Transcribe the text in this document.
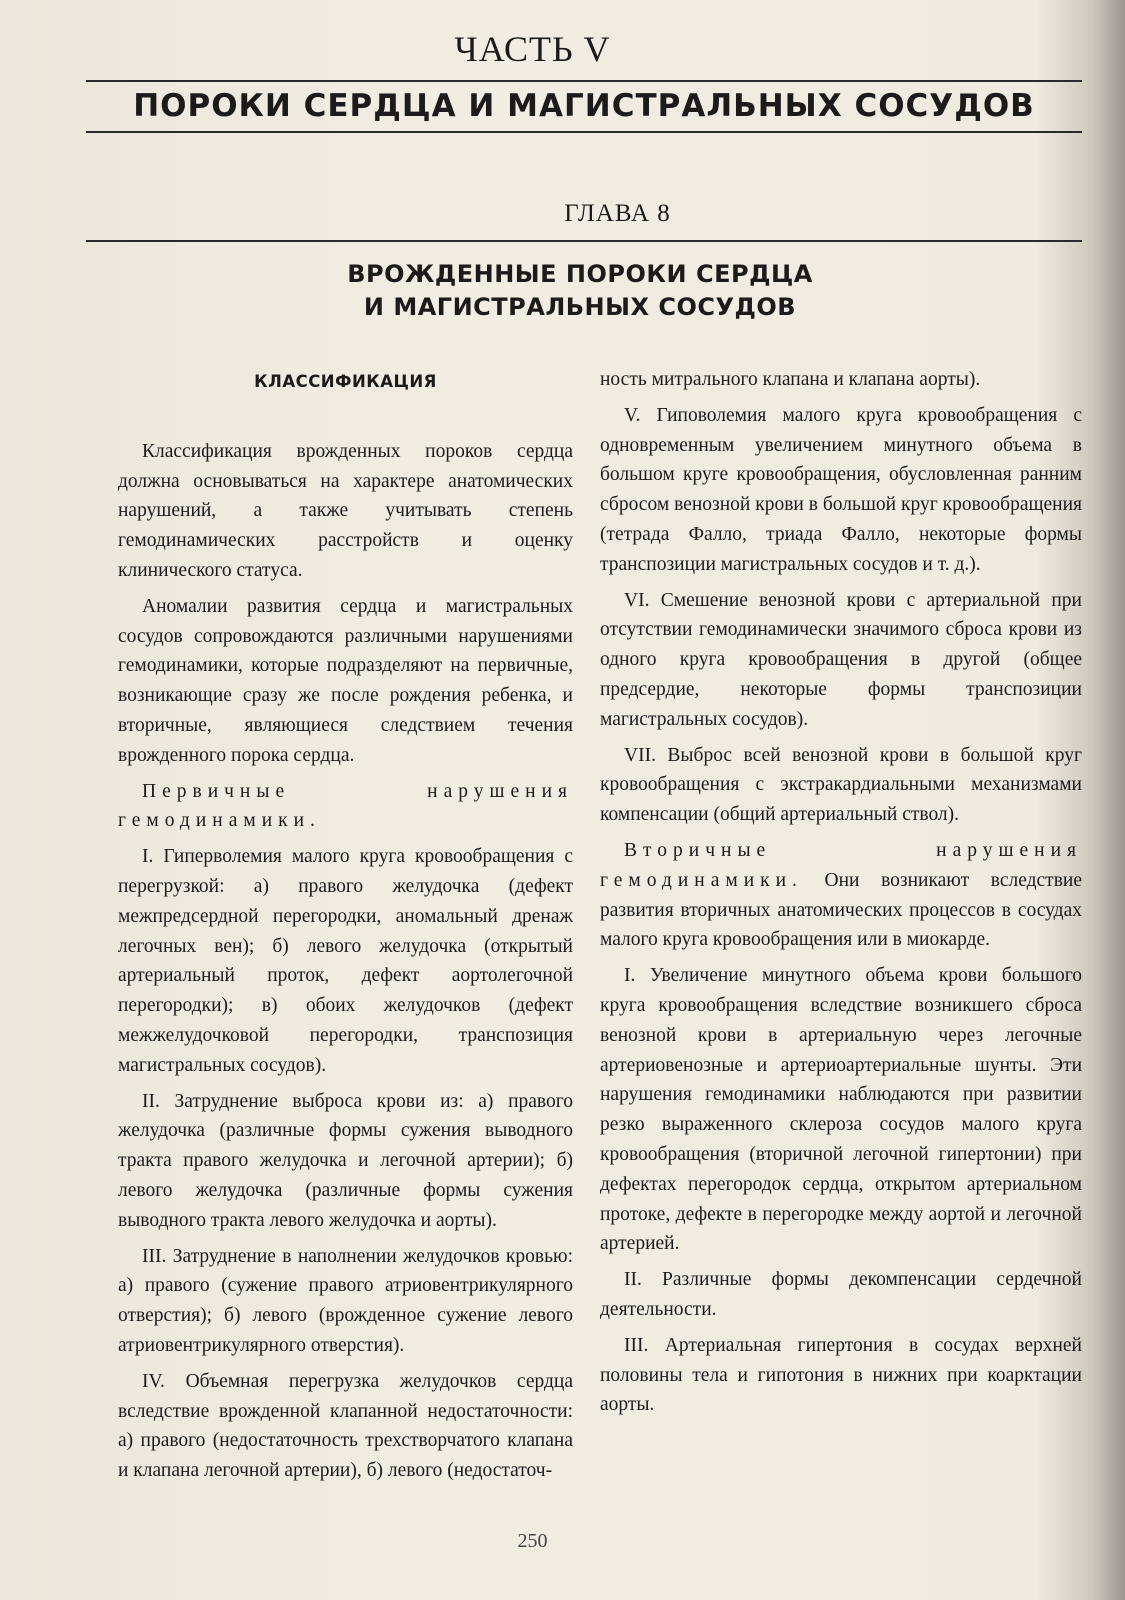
ЧАСТЬ V
ПОРОКИ СЕРДЦА И МАГИСТРАЛЬНЫХ СОСУДОВ
ГЛАВА 8
ВРОЖДЕННЫЕ ПОРОКИ СЕРДЦА
И МАГИСТРАЛЬНЫХ СОСУДОВ
КЛАССИФИКАЦИЯ

Классификация врожденных пороков сердца должна основываться на характере анатомических нарушений, а также учитывать степень гемодинамических расстройств и оценку клинического статуса.

Аномалии развития сердца и магистральных сосудов сопровождаются различными нарушениями гемодинамики, которые подразделяют на первичные, возникающие сразу же после рождения ребенка, и вторичные, являющиеся следствием течения врожденного порока сердца.

Первичные нарушения гемодинамики.

I. Гиперволемия малого круга кровообращения с перегрузкой: а) правого желудочка (дефект межпредсердной перегородки, аномальный дренаж легочных вен); б) левого желудочка (открытый артериальный проток, дефект аортолегочной перегородки); в) обоих желудочков (дефект межжелудочковой перегородки, транспозиция магистральных сосудов).

II. Затруднение выброса крови из: а) правого желудочка (различные формы сужения выводного тракта правого желудочка и легочной артерии); б) левого желудочка (различные формы сужения выводного тракта левого желудочка и аорты).

III. Затруднение в наполнении желудочков кровью: а) правого (сужение правого атриовентрикулярного отверстия); б) левого (врожденное сужение левого атриовентрикулярного отверстия).

IV. Объемная перегрузка желудочков сердца вследствие врожденной клапанной недостаточности: а) правого (недостаточность трехстворчатого клапана и клапана легочной артерии), б) левого (недостаточ-

ность митрального клапана и клапана аорты).

V. Гиповолемия малого круга кровообращения с одновременным увеличением минутного объема в большом круге кровообращения, обусловленная ранним сбросом венозной крови в большой круг кровообращения (тетрада Фалло, триада Фалло, некоторые формы транспозиции магистральных сосудов и т. д.).

VI. Смешение венозной крови с артериальной при отсутствии гемодинамически значимого сброса крови из одного круга кровообращения в другой (общее предсердие, некоторые формы транспозиции магистральных сосудов).

VII. Выброс всей венозной крови в большой круг кровообращения с экстракардиальными механизмами компенсации (общий артериальный ствол).

Вторичные нарушения гемодинамики. Они возникают вследствие развития вторичных анатомических процессов в сосудах малого круга кровообращения или в миокарде.

I. Увеличение минутного объема крови большого круга кровообращения вследствие возникшего сброса венозной крови в артериальную через легочные артериовенозные и артериоартериальные шунты. Эти нарушения гемодинамики наблюдаются при развитии резко выраженного склероза сосудов малого круга кровообращения (вторичной легочной гипертонии) при дефектах перегородок сердца, открытом артериальном протоке, дефекте в перегородке между аортой и легочной артерией.

II. Различные формы декомпенсации сердечной деятельности.

III. Артериальная гипертония в сосудах верхней половины тела и гипотония в нижних при коарктации аорты.

250
